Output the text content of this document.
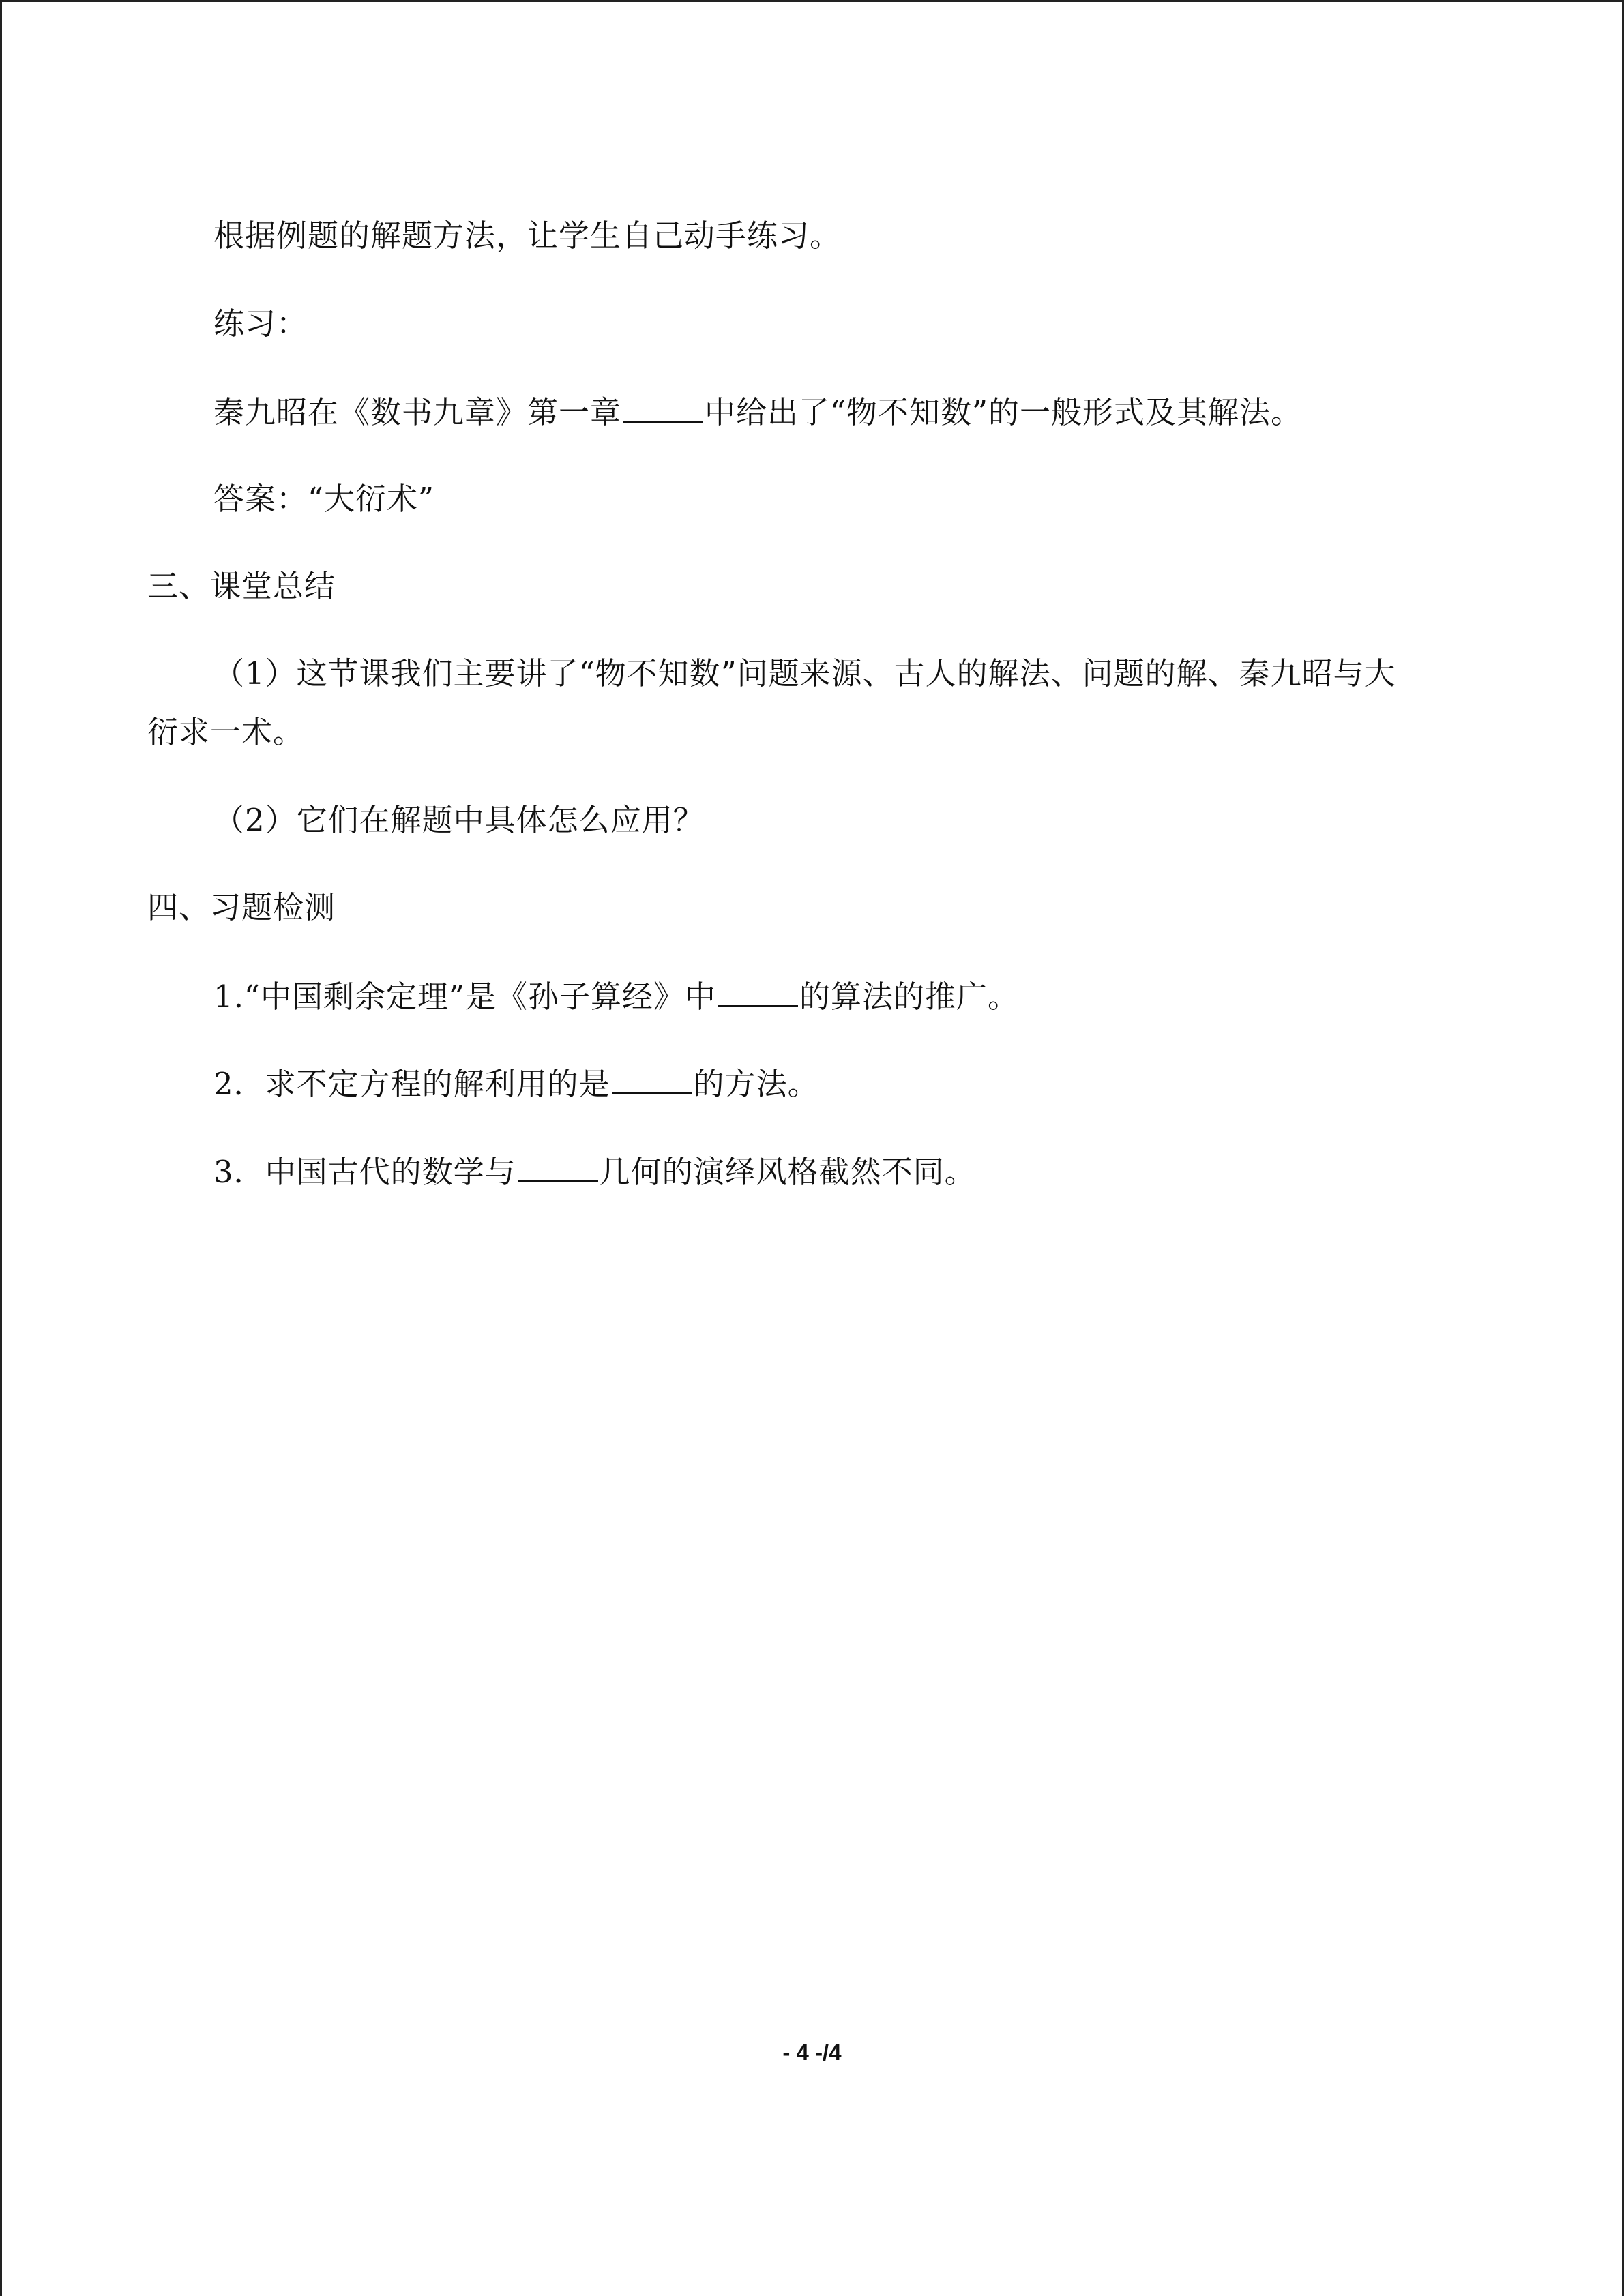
根据例题的解题方法，让学生自己动手练习。
练习：
秦九昭在《数书九章》第一章	中给出了“物不知数”的一般形式及其解法。
答案：“大衍术”
三、课堂总结
（1）这节课我们主要讲了“物不知数”问题来源、古人的解法、问题的解、秦九昭与大
衍求一术。
（2）它们在解题中具体怎么应用？
四、习题检测
1.“中国剩余定理”是《孙子算经》中	的算法的推广。
2．求不定方程的解利用的是	的方法。
3．中国古代的数学与	几何的演绎风格截然不同。
- 4 -/4
